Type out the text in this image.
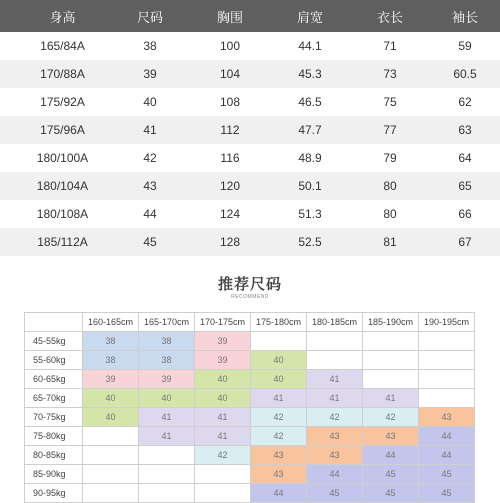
身高	尺码	胸围	肩宽	衣长	袖长
165/84A	38	100	44.1	71	59
170/88A	39	104	45.3	73	60.5
175/92A	40	108	46.5	75	62
175/96A	41	112	47.7	77	63
180/100A	42	116	48.9	79	64
180/104A	43	120	50.1	80	65
180/108A	44	124	51.3	80	66
185/112A	45	128	52.5	81	67
推荐尺码
RECOMMEND
	160-165cm	165-170cm	170-175cm	175-180cm	180-185cm	185-190cm	190-195cm
45-55kg	38	38	39				
55-60kg	38	38	39	40			
60-65kg	39	39	40	40	41		
65-70kg	40	40	40	41	41	41	
70-75kg	40	41	41	42	42	42	43
75-80kg		41	41	42	43	43	44
80-85kg			42	43	43	44	44
85-90kg				43	44	45	45
90-95kg				44	45	45	45
